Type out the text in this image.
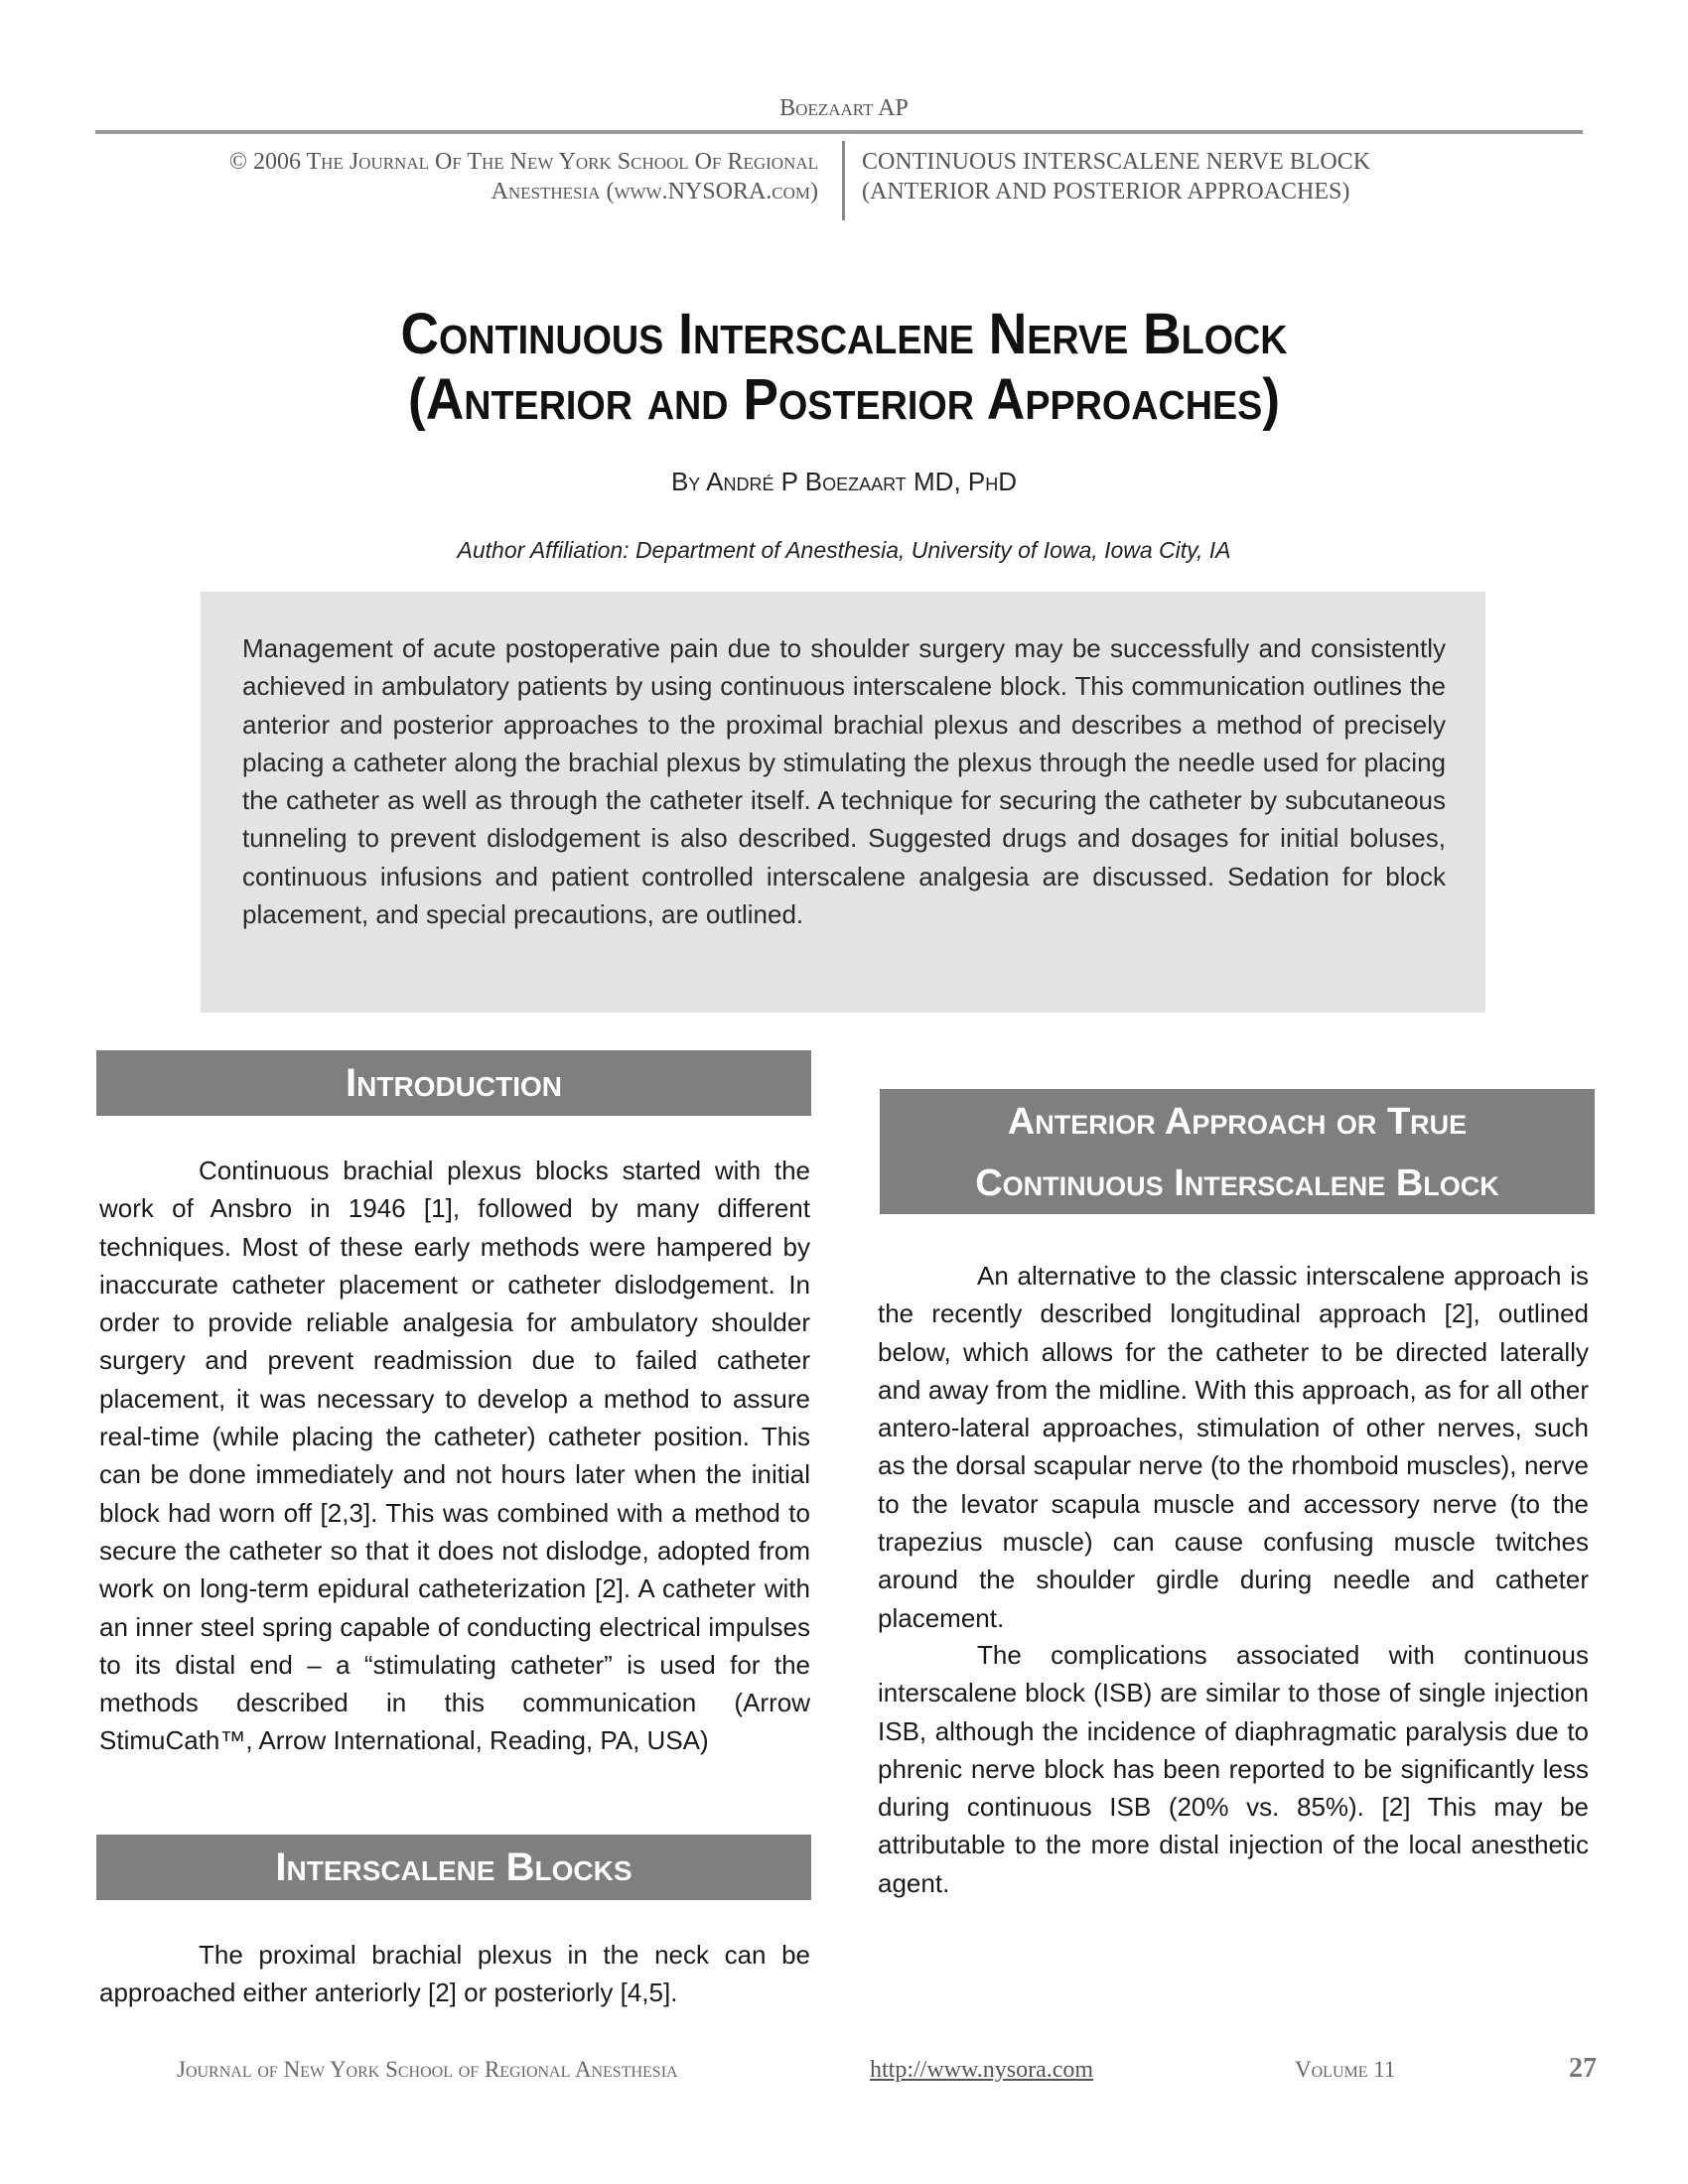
Boezaart AP
© 2006 The Journal Of The New York School Of Regional
Anesthesia (www.NYSORA.com)
CONTINUOUS INTERSCALENE NERVE BLOCK
(ANTERIOR AND POSTERIOR APPROACHES)
Continuous Interscalene Nerve Block
(Anterior and Posterior Approaches)
By André P Boezaart MD, PhD
Author Affiliation: Department of Anesthesia, University of Iowa, Iowa City, IA
Management of acute postoperative pain due to shoulder surgery may be successfully and consistently achieved in ambulatory patients by using continuous interscalene block. This communication outlines the anterior and posterior approaches to the proximal brachial plexus and describes a method of precisely placing a catheter along the brachial plexus by stimulating the plexus through the needle used for placing the catheter as well as through the catheter itself. A technique for securing the catheter by subcutaneous tunneling to prevent dislodgement is also described. Suggested drugs and dosages for initial boluses, continuous infusions and patient controlled interscalene analgesia are discussed. Sedation for block placement, and special precautions, are outlined.
Introduction
Continuous brachial plexus blocks started with the work of Ansbro in 1946 [1], followed by many different techniques. Most of these early methods were hampered by inaccurate catheter placement or catheter dislodgement. In order to provide reliable analgesia for ambulatory shoulder surgery and prevent readmission due to failed catheter placement, it was necessary to develop a method to assure real-time (while placing the catheter) catheter position. This can be done immediately and not hours later when the initial block had worn off [2,3]. This was combined with a method to secure the catheter so that it does not dislodge, adopted from work on long-term epidural catheterization [2]. A catheter with an inner steel spring capable of conducting electrical impulses to its distal end – a “stimulating catheter” is used for the methods described in this communication (Arrow StimuCath™, Arrow International, Reading, PA, USA)
Interscalene Blocks
The proximal brachial plexus in the neck can be approached either anteriorly [2] or posteriorly [4,5].
Anterior Approach or True
Continuous Interscalene Block
An alternative to the classic interscalene approach is the recently described longitudinal approach [2], outlined below, which allows for the catheter to be directed laterally and away from the midline. With this approach, as for all other antero-lateral approaches, stimulation of other nerves, such as the dorsal scapular nerve (to the rhomboid muscles), nerve to the levator scapula muscle and accessory nerve (to the trapezius muscle) can cause confusing muscle twitches around the shoulder girdle during needle and catheter placement.
The complications associated with continuous interscalene block (ISB) are similar to those of single injection ISB, although the incidence of diaphragmatic paralysis due to phrenic nerve block has been reported to be significantly less during continuous ISB (20% vs. 85%). [2] This may be attributable to the more distal injection of the local anesthetic agent.
Journal of New York School of Regional Anesthesia	http://www.nysora.com	Volume 11	27
